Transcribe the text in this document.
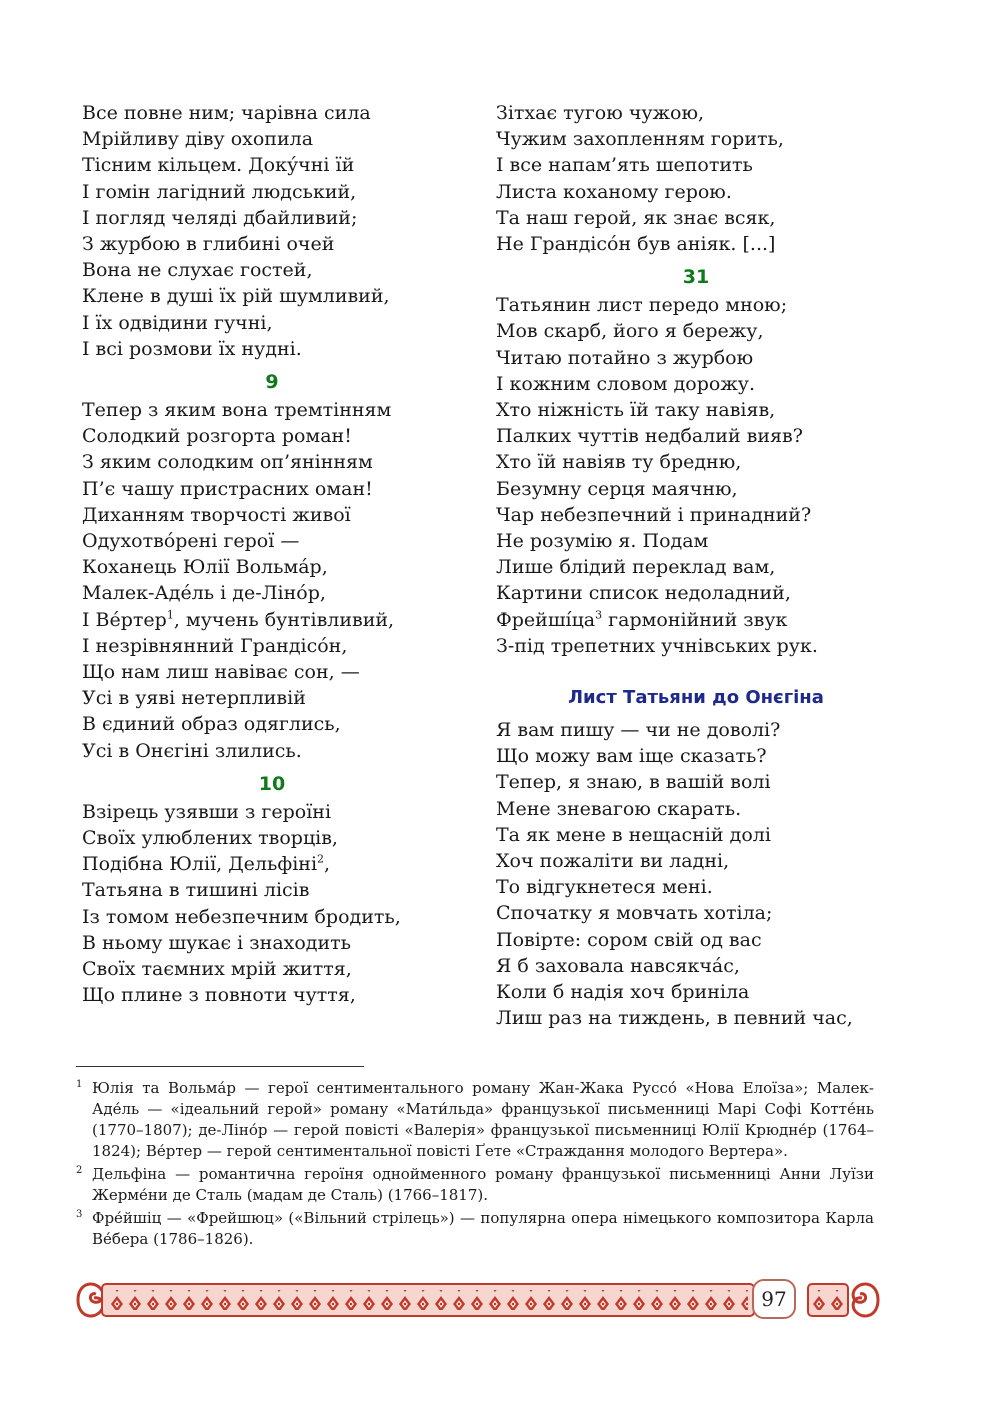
Все повне ним; чарівна сила
Мрійливу діву охопила
Тісним кільцем. Доку́чні їй
І гомін лагідний людський,
І погляд челяді дбайливий;
З журбою в глибині очей
Вона не слухає гостей,
Клене в душі їх рій шумливий,
І їх одвідини гучні,
І всі розмови їх нудні.
9
Тепер з яким вона тремтінням
Солодкий розгорта роман!
З яким солодким оп’янінням
П’є чашу пристрасних оман!
Диханням творчості живої
Одухотво́рені герої —
Коханець Юлії Вольма́р,
Малек-Аде́ль і де-Ліно́р,
І Ве́ртер$^1$, мучень бунтівливий,
І незрівнянний Грандісо́н,
Що нам лиш навіває сон, —
Усі в уяві нетерпливій
В єдиний образ одяглись,
Усі в Онєгіні злились.
10
Взірець узявши з героїні
Своїх улюблених творців,
Подібна Юлії, Дельфіні$^2$,
Татьяна в тишині лісів
Із томом небезпечним бродить,
В ньому шукає і знаходить
Своїх таємних мрій життя,
Що плине з повноти чуття,
Зітхає тугою чужою,
Чужим захопленням горить,
І все напам’ять шепотить
Листа коханому герою.
Та наш герой, як знає всяк,
Не Грандісо́н був аніяк. [...]
31
Татьянин лист передо мною;
Мов скарб, його я бережу,
Читаю потайно з журбою
І кожним словом дорожу.
Хто ніжність їй таку навіяв,
Палких чуттів недбалий вияв?
Хто їй навіяв ту бредню,
Безумну серця маячню,
Чар небезпечний і принадний?
Не розумію я. Подам
Лише блідий переклад вам,
Картини список недоладний,
$Фрейші́ца^3$ гармонійний звук
З-під трепетних учнівських рук.
Лист Татьяни до Онєгіна
Я вам пишу — чи не доволі?
Що можу вам іще сказать?
Тепер, я знаю, в вашій волі
Мене зневагою скарать.
Та як мене в нещасній долі
Хоч пожаліти ви ладні,
То відгукнетеся мені.
Спочатку я мовчать хотіла;
Повірте: сором свій од вас
Я б заховала навсякча́с,
Коли б надія хоч бриніла
Лиш раз на тиждень, в певний час,
1 Юлія та Вольма́р — герої сентиментального роману Жан-Жака Руссо́ «Нова Елоїза»; Малек-Аде́ль — «ідеальний герой» роману «Мати́льда» французької письменниці Марі Софі Котте́нь (1770–1807); де-Ліно́р — герой повісті «Валерія» французької письменниці Юлії Крюдне́р (1764–1824); Ве́ртер — герой сентиментальної повісті Ґете «Страждання молодого Вертера».
2 Дельфіна — романтична героїня однойменного роману французької письменниці Анни Луїзи Жерме́ни де Сталь (мадам де Сталь) (1766–1817).
3 Фре́йшіц — «Фрейшюц» («Вільний стрілець») — популярна опера німецького композитора Карла Ве́бера (1786–1826).
97
